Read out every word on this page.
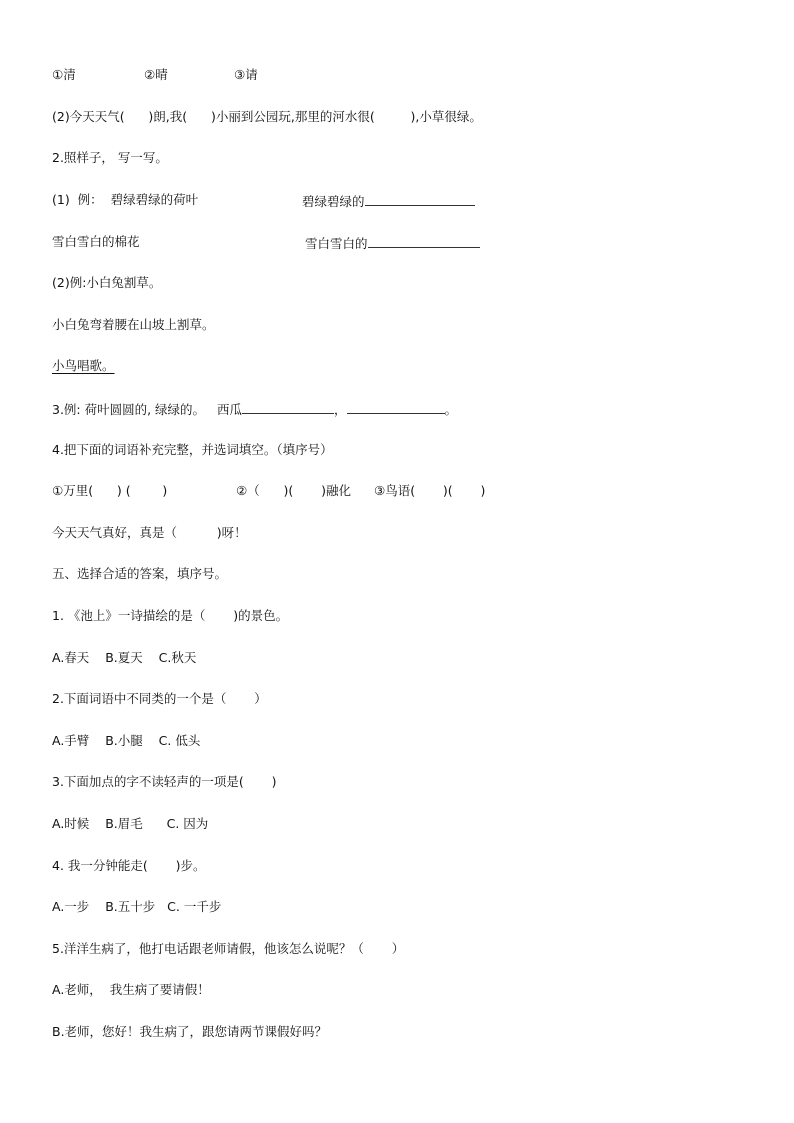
①清	②晴	③请
(2)今天天气(      )朗,我(      )小丽到公园玩,那里的河水很(         ),小草很绿。
2.照样子， 写一写。
(1)  例：  碧绿碧绿的荷叶	碧绿碧绿的
雪白雪白的棉花	雪白雪白的
(2)例:小白兔割草。
小白兔弯着腰在山坡上割草。
小鸟唱歌。
3.例: 荷叶圆圆的, 绿绿的。   西瓜	，	。
4.把下面的词语补充完整，并选词填空。（填序号）
①万里(      ) (        )	②（      )(       )融化 ③鸟语(       )(       )
今天天气真好，真是（          )呀！
五、选择合适的答案，填序号。
1. 《池上》一诗描绘的是（       )的景色。
A.春天    B.夏天    C.秋天
2.下面词语中不同类的一个是（       ）
A.手臂    B.小腿    C. 低头
3.下面加点的字不读轻声的一项是(       )
A.时候    B.眉毛      C. 因为
4. 我一分钟能走(       )步。
A.一步    B.五十步   C. 一千步
5.洋洋生病了，他打电话跟老师请假，他该怎么说呢？（       ）
A.老师，  我生病了要请假！
B.老师，您好！我生病了，跟您请两节课假好吗？
